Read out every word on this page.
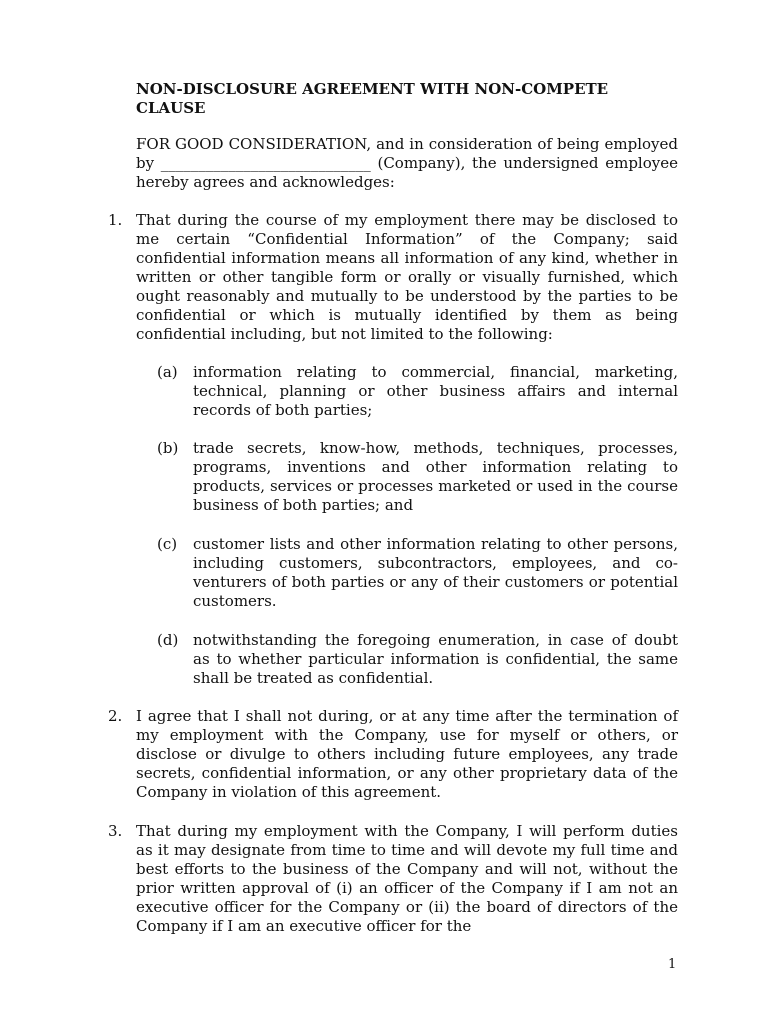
NON-DISCLOSURE AGREEMENT WITH NON-COMPETE CLAUSE

FOR GOOD CONSIDERATION, and in consideration of being employed by ____________________________ (Company), the undersigned employee hereby agrees and acknowledges:

1. That during the course of my employment there may be disclosed to me certain “Confidential Information” of the Company; said confidential information means all information of any kind, whether in written or other tangible form or orally or visually furnished, which ought reasonably and mutually to be understood by the parties to be confidential or which is mutually identified by them as being confidential including, but not limited to the following:
(a) information relating to commercial, financial, marketing, technical, planning or other business affairs and internal records of both parties;
(b) trade secrets, know-how, methods, techniques, processes, programs, inventions and other information relating to products, services or processes marketed or used in the course business of both parties; and
(c) customer lists and other information relating to other persons, including customers, subcontractors, employees, and co-venturers of both parties or any of their customers or potential customers.
(d) notwithstanding the foregoing enumeration, in case of doubt as to whether particular information is confidential, the same shall be treated as confidential.
2. I agree that I shall not during, or at any time after the termination of my employment with the Company, use for myself or others, or disclose or divulge to others including future employees, any trade secrets, confidential information, or any other proprietary data of the Company in violation of this agreement.
3. That during my employment with the Company, I will perform duties as it may designate from time to time and will devote my full time and best efforts to the business of the Company and will not, without the prior written approval of (i) an officer of the Company if I am not an executive officer for the Company or (ii) the board of directors of the Company if I am an executive officer for the
1
